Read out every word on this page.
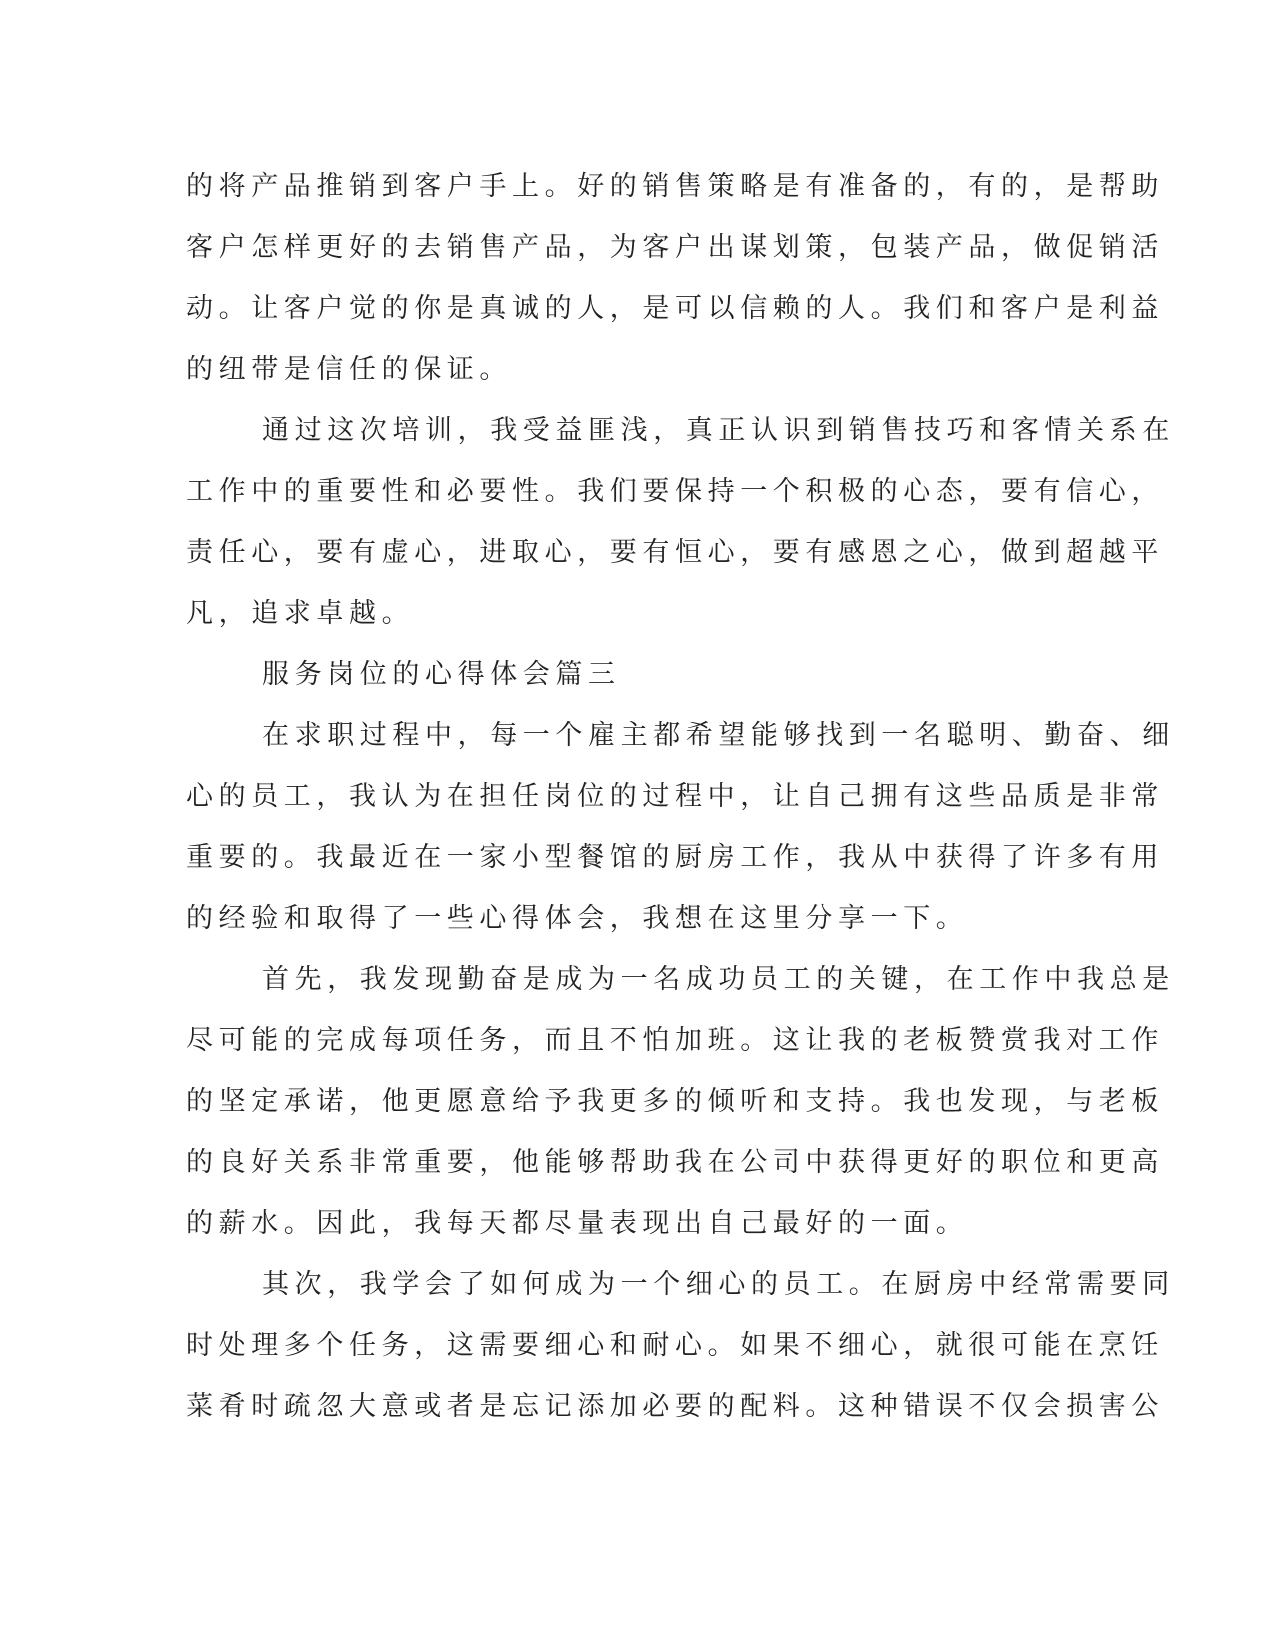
的将产品推销到客户手上。好的销售策略是有准备的，有的，是帮助
客户怎样更好的去销售产品，为客户出谋划策，包装产品，做促销活
动。让客户觉的你是真诚的人，是可以信赖的人。我们和客户是利益
的纽带是信任的保证。
通过这次培训，我受益匪浅，真正认识到销售技巧和客情关系在
工作中的重要性和必要性。我们要保持一个积极的心态，要有信心，
责任心，要有虚心，进取心，要有恒心，要有感恩之心，做到超越平
凡，追求卓越。
服务岗位的心得体会篇三
在求职过程中，每一个雇主都希望能够找到一名聪明、勤奋、细
心的员工，我认为在担任岗位的过程中，让自己拥有这些品质是非常
重要的。我最近在一家小型餐馆的厨房工作，我从中获得了许多有用
的经验和取得了一些心得体会，我想在这里分享一下。
首先，我发现勤奋是成为一名成功员工的关键，在工作中我总是
尽可能的完成每项任务，而且不怕加班。这让我的老板赞赏我对工作
的坚定承诺，他更愿意给予我更多的倾听和支持。我也发现，与老板
的良好关系非常重要，他能够帮助我在公司中获得更好的职位和更高
的薪水。因此，我每天都尽量表现出自己最好的一面。
其次，我学会了如何成为一个细心的员工。在厨房中经常需要同
时处理多个任务，这需要细心和耐心。如果不细心，就很可能在烹饪
菜肴时疏忽大意或者是忘记添加必要的配料。这种错误不仅会损害公
